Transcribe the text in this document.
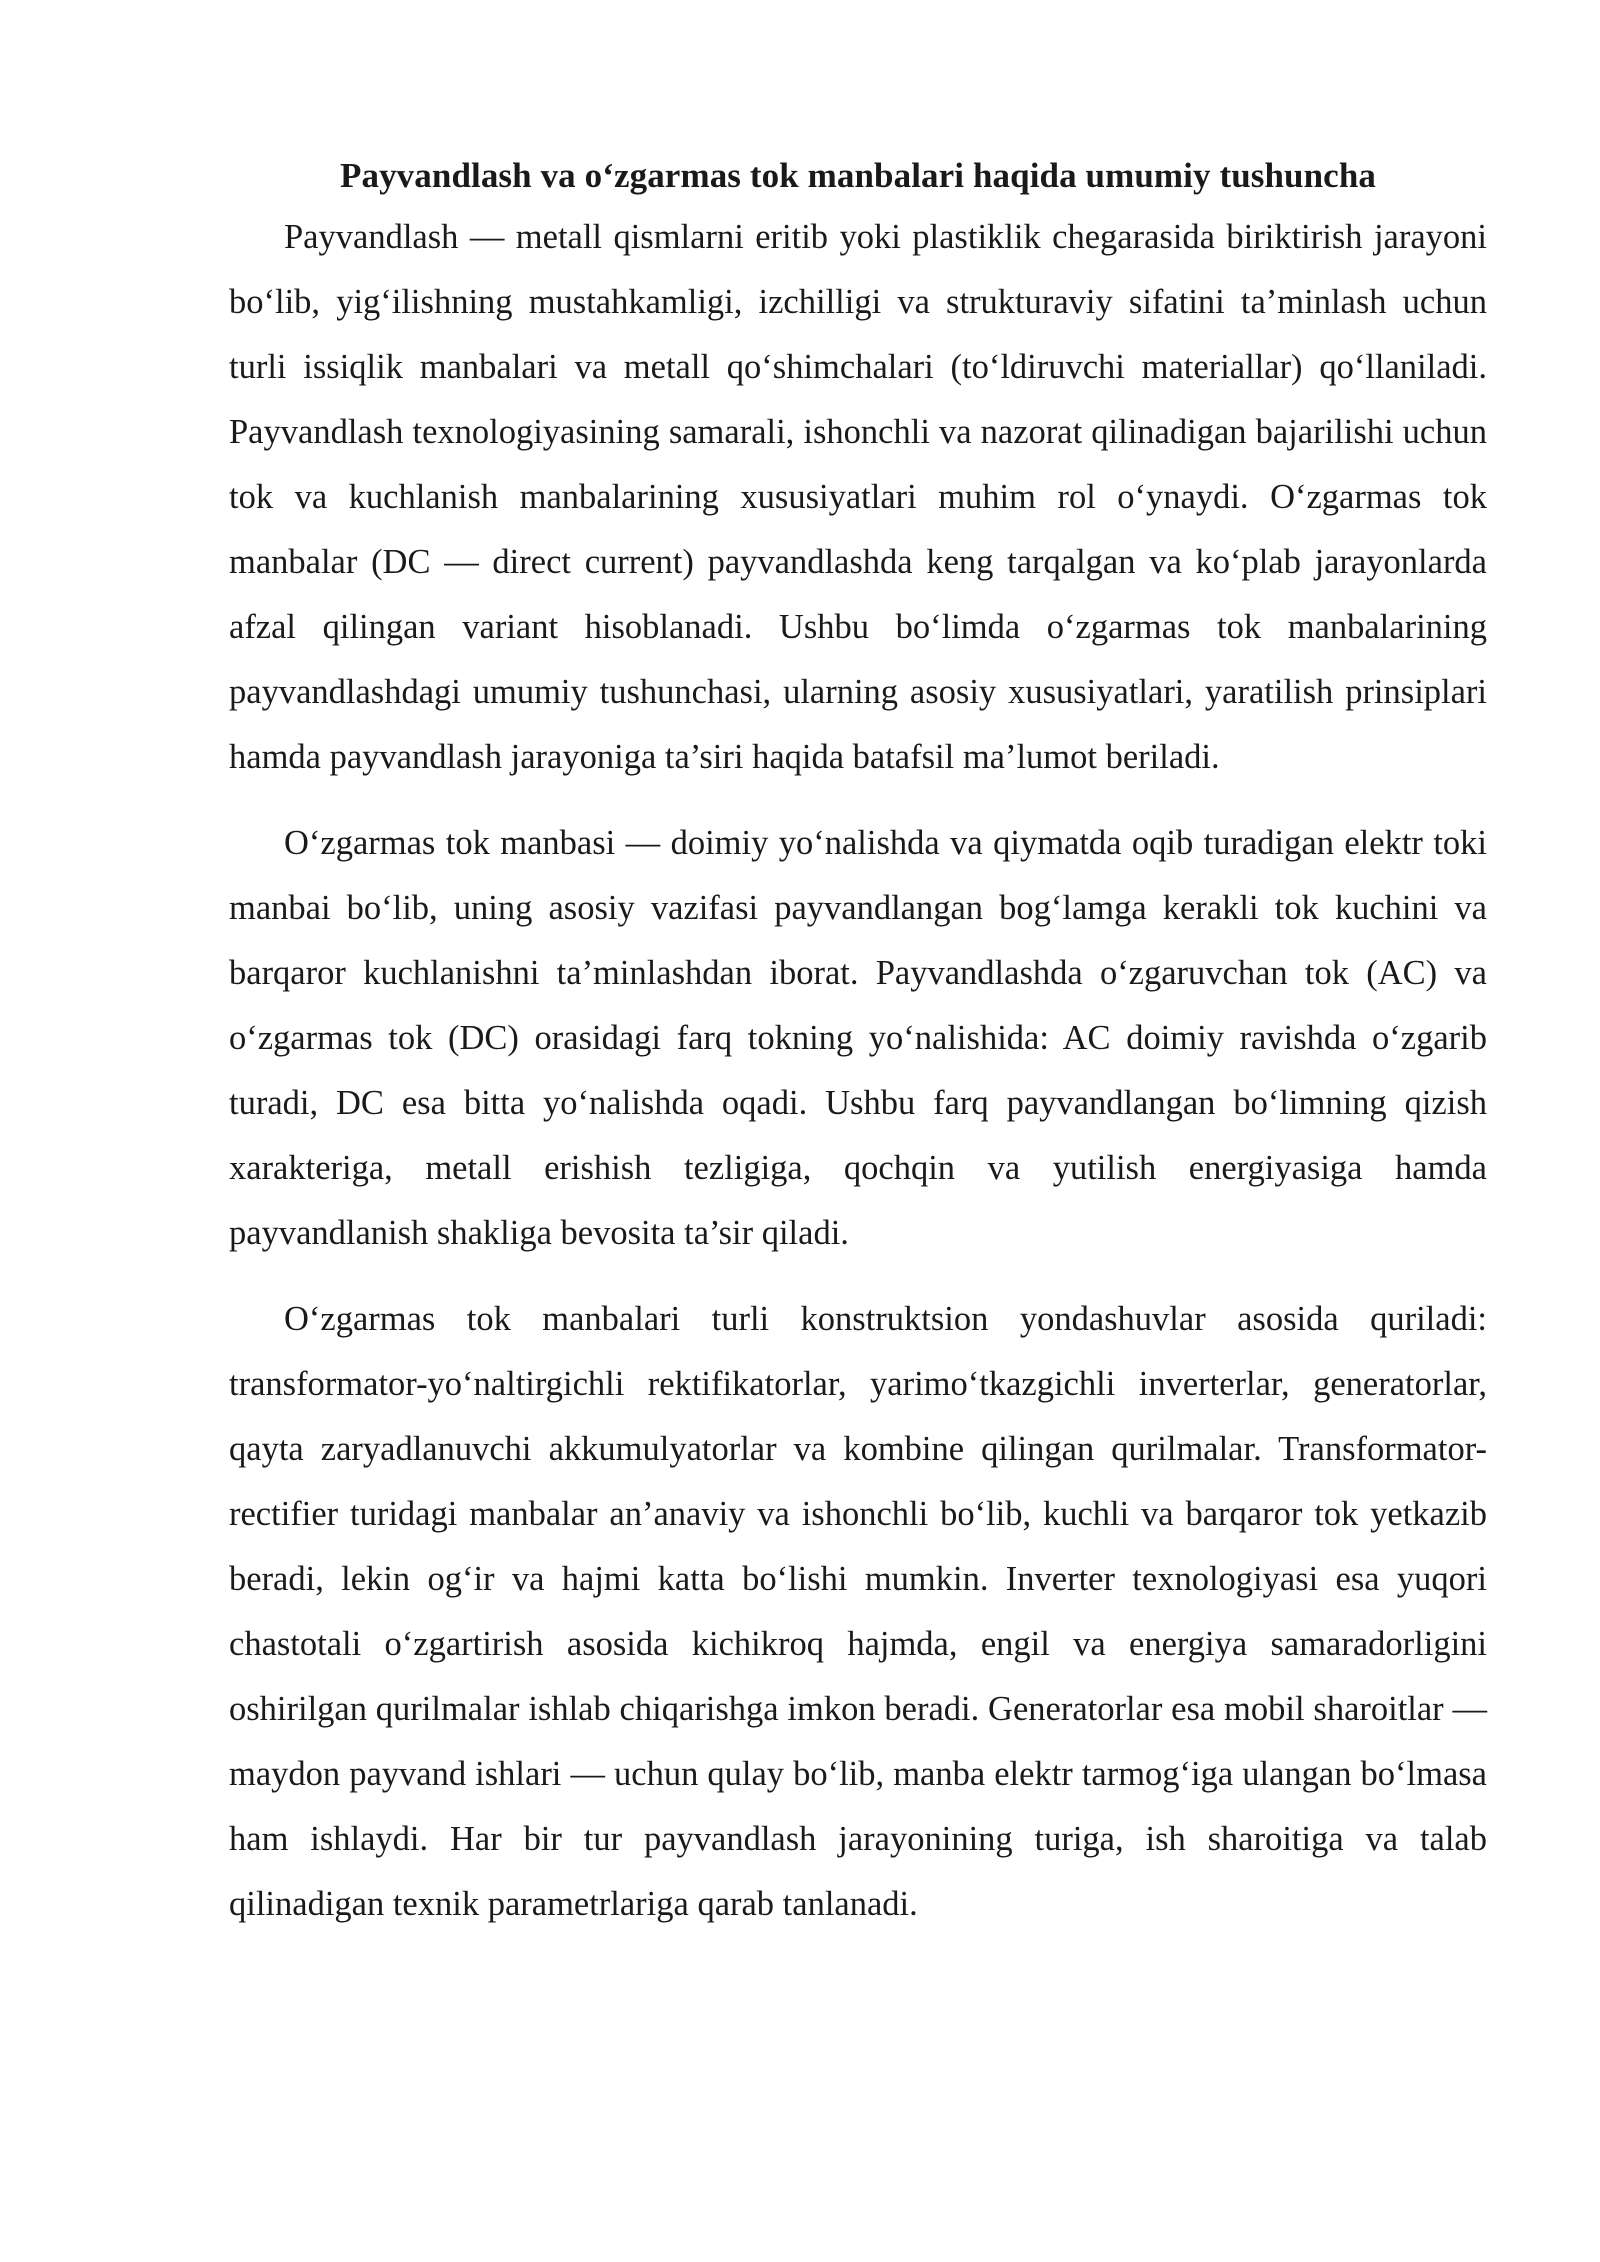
Payvandlash va o‘zgarmas tok manbalari haqida umumiy tushuncha

Payvandlash — metall qismlarni eritib yoki plastiklik chegarasida biriktirish jarayoni bo‘lib, yig‘ilishning mustahkamligi, izchilligi va strukturaviy sifatini ta’minlash uchun turli issiqlik manbalari va metall qo‘shimchalari (to‘ldiruvchi materiallar) qo‘llaniladi. Payvandlash texnologiyasining samarali, ishonchli va nazorat qilinadigan bajarilishi uchun tok va kuchlanish manbalarining xususiyatlari muhim rol o‘ynaydi. O‘zgarmas tok manbalar (DC — direct current) payvandlashda keng tarqalgan va ko‘plab jarayonlarda afzal qilingan variant hisoblanadi. Ushbu bo‘limda o‘zgarmas tok manbalarining payvandlashdagi umumiy tushunchasi, ularning asosiy xususiyatlari, yaratilish prinsiplari hamda payvandlash jarayoniga ta’siri haqida batafsil ma’lumot beriladi.

O‘zgarmas tok manbasi — doimiy yo‘nalishda va qiymatda oqib turadigan elektr toki manbai bo‘lib, uning asosiy vazifasi payvandlangan bog‘lamga kerakli tok kuchini va barqaror kuchlanishni ta’minlashdan iborat. Payvandlashda o‘zgaruvchan tok (AC) va o‘zgarmas tok (DC) orasidagi farq tokning yo‘nalishida: AC doimiy ravishda o‘zgarib turadi, DC esa bitta yo‘nalishda oqadi. Ushbu farq payvandlangan bo‘limning qizish xarakteriga, metall erishish tezligiga, qochqin va yutilish energiyasiga hamda payvandlanish shakliga bevosita ta’sir qiladi.

O‘zgarmas tok manbalari turli konstruktsion yondashuvlar asosida quriladi: transformator-yo‘naltirgichli rektifikatorlar, yarimo‘tkazgichli inverterlar, generatorlar, qayta zaryadlanuvchi akkumulyatorlar va kombine qilingan qurilmalar. Transformator-rectifier turidagi manbalar an’anaviy va ishonchli bo‘lib, kuchli va barqaror tok yetkazib beradi, lekin og‘ir va hajmi katta bo‘lishi mumkin. Inverter texnologiyasi esa yuqori chastotali o‘zgartirish asosida kichikroq hajmda, engil va energiya samaradorligini oshirilgan qurilmalar ishlab chiqarishga imkon beradi. Generatorlar esa mobil sharoitlar — maydon payvand ishlari — uchun qulay bo‘lib, manba elektr tarmog‘iga ulangan bo‘lmasa ham ishlaydi. Har bir tur payvandlash jarayonining turiga, ish sharoitiga va talab qilinadigan texnik parametrlariga qarab tanlanadi.
